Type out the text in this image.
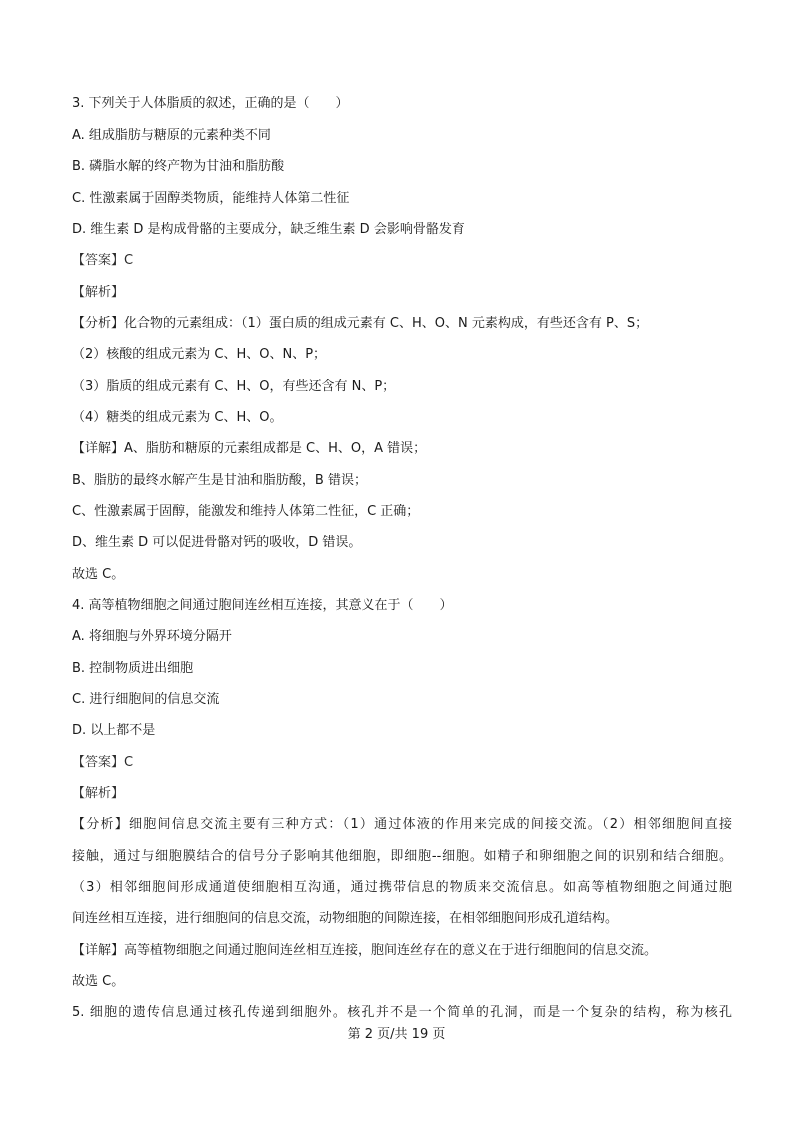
3. 下列关于人体脂质的叙述，正确的是（　　）
A. 组成脂肪与糖原的元素种类不同
B. 磷脂水解的终产物为甘油和脂肪酸
C. 性激素属于固醇类物质，能维持人体第二性征
D. 维生素 D 是构成骨骼的主要成分，缺乏维生素 D 会影响骨骼发育
【答案】C
【解析】
【分析】化合物的元素组成：（1）蛋白质的组成元素有 C、H、O、N 元素构成，有些还含有 P、S；
（2）核酸的组成元素为 C、H、O、N、P；
（3）脂质的组成元素有 C、H、O，有些还含有 N、P；
（4）糖类的组成元素为 C、H、O。
【详解】A、脂肪和糖原的元素组成都是 C、H、O，A 错误；
B、脂肪的最终水解产生是甘油和脂肪酸，B 错误；
C、性激素属于固醇，能激发和维持人体第二性征，C 正确；
D、维生素 D 可以促进骨骼对钙的吸收，D 错误。
故选 C。
4. 高等植物细胞之间通过胞间连丝相互连接，其意义在于（　　）
A. 将细胞与外界环境分隔开
B. 控制物质进出细胞
C. 进行细胞间的信息交流
D. 以上都不是
【答案】C
【解析】
【分析】细胞间信息交流主要有三种方式：（1）通过体液的作用来完成的间接交流。（2）相邻细胞间直接
接触，通过与细胞膜结合的信号分子影响其他细胞，即细胞--细胞。如精子和卵细胞之间的识别和结合细胞。
（3）相邻细胞间形成通道使细胞相互沟通，通过携带信息的物质来交流信息。如高等植物细胞之间通过胞
间连丝相互连接，进行细胞间的信息交流，动物细胞的间隙连接，在相邻细胞间形成孔道结构。
【详解】高等植物细胞之间通过胞间连丝相互连接，胞间连丝存在的意义在于进行细胞间的信息交流。
故选 C。
5. 细胞的遗传信息通过核孔传递到细胞外。核孔并不是一个简单的孔洞，而是一个复杂的结构，称为核孔
第 2 页/共 19 页
